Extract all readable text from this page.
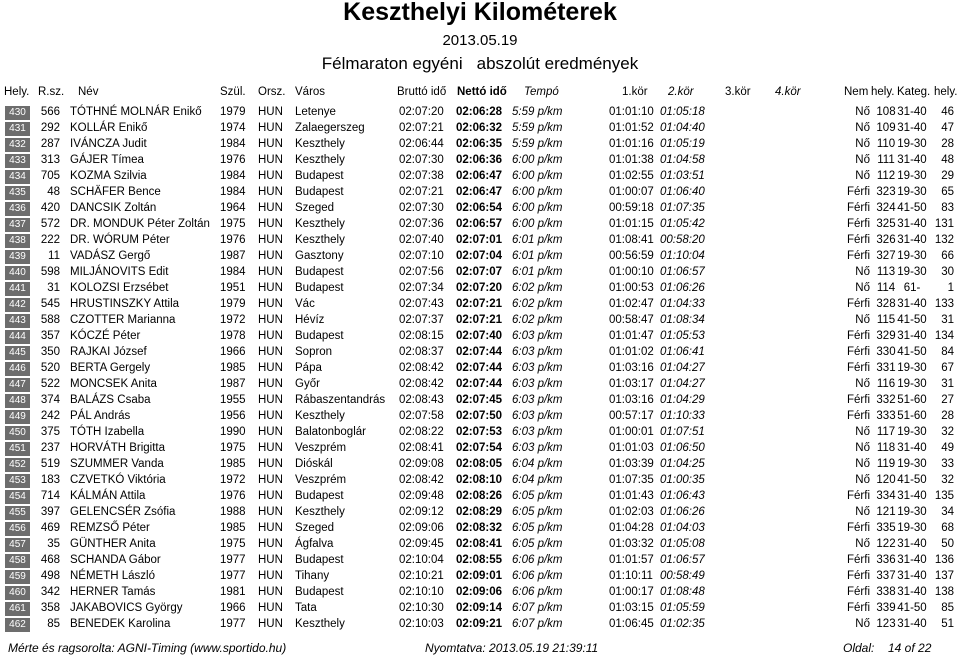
Keszthelyi Kilométerek
2013.05.19
Félmaraton egyéni abszolút eredmények
Hely. R.sz. Név	Szül. Orsz. Város	Bruttó idő Nettó idő Tempó	1.kör 2.kör	3.kör 4.kör	Nem hely. Kateg. hely.
430	566 TÓTHNÉ MOLNÁR Enikő	1979	HUN	Letenye	02:07:20	02:06:28 5:59 p/km	01:01:10 01:05:18	Nő 108 31-40	46
431	292 KOLLÁR Enikő	1974	HUN	Zalaegerszeg	02:07:21	02:06:32 5:59 p/km	01:01:52 01:04:40	Nő 109 31-40	47
432	287 IVÁNCZA Judit	1984	HUN	Keszthely	02:06:44	02:06:35 5:59 p/km	01:01:16 01:05:19	Nő 110 19-30	28
433	313 GÁJER Tímea	1976	HUN	Keszthely	02:07:30	02:06:36 6:00 p/km	01:01:38 01:04:58	Nő 111 31-40	48
434	705 KOZMA Szilvia	1984	HUN	Budapest	02:07:38	02:06:47 6:00 p/km	01:02:55 01:03:51	Nő 112 19-30	29
435	48 SCHÄFER Bence	1984	HUN	Budapest	02:07:21	02:06:47 6:00 p/km	01:00:07 01:06:40	Férfi 323 19-30	65
436	420 DANCSIK Zoltán	1964	HUN	Szeged	02:07:30	02:06:54 6:00 p/km	00:59:18 01:07:35	Férfi 324 41-50	83
437	572 DR. MONDUK Péter Zoltán 1975	HUN	Keszthely	02:07:36	02:06:57 6:00 p/km	01:01:15 01:05:42	Férfi 325 31-40 131
438	222 DR. WÓRUM Péter	1976	HUN	Keszthely	02:07:40	02:07:01 6:01 p/km	01:08:41 00:58:20	Férfi 326 31-40 132
439	11 VADÁSZ Gergő	1987	HUN	Gasztony	02:07:10	02:07:04 6:01 p/km	00:56:59 01:10:04	Férfi 327 19-30	66
440	598 MILJÁNOVITS Edit	1984	HUN	Budapest	02:07:56	02:07:07 6:01 p/km	01:00:10 01:06:57	Nő 113 19-30	30
441	31 KOLOZSI Erzsébet	1951	HUN	Budapest	02:07:34	02:07:20 6:02 p/km	01:00:53 01:06:26	Nő 114 61-	1
442	545 HRUSTINSZKY Attila	1979	HUN	Vác	02:07:43	02:07:21 6:02 p/km	01:02:47 01:04:33	Férfi 328 31-40 133
443	588 CZOTTER Marianna	1972	HUN	Hévíz	02:07:37	02:07:21 6:02 p/km	00:58:47 01:08:34	Nő 115 41-50	31
444	357 KÓCZÉ Péter	1978	HUN	Budapest	02:08:15	02:07:40 6:03 p/km	01:01:47 01:05:53	Férfi 329 31-40 134
445	350 RAJKAI József	1966	HUN	Sopron	02:08:37	02:07:44 6:03 p/km	01:01:02 01:06:41	Férfi 330 41-50	84
446	520 BERTA Gergely	1985	HUN	Pápa	02:08:42	02:07:44 6:03 p/km	01:03:16 01:04:27	Férfi 331 19-30	67
447	522 MONCSEK Anita	1987	HUN	Győr	02:08:42	02:07:44 6:03 p/km	01:03:17 01:04:27	Nő 116 19-30	31
448	374 BALÁZS Csaba	1955	HUN	Rábaszentandrás	02:08:43	02:07:45 6:03 p/km	01:03:16 01:04:29	Férfi 332 51-60	27
449	242 PÁL András	1956	HUN	Keszthely	02:07:58	02:07:50 6:03 p/km	00:57:17 01:10:33	Férfi 333 51-60	28
450	375 TÓTH Izabella	1990	HUN	Balatonboglár	02:08:22	02:07:53 6:03 p/km	01:00:01 01:07:51	Nő 117 19-30	32
451	237 HORVÁTH Brigitta	1975	HUN	Veszprém	02:08:41	02:07:54 6:03 p/km	01:01:03 01:06:50	Nő 118 31-40	49
452	519 SZUMMER Vanda	1985	HUN	Dióskál	02:09:08	02:08:05 6:04 p/km	01:03:39 01:04:25	Nő 119 19-30	33
453	183 CZVETKÓ Viktória	1972	HUN	Veszprém	02:08:42	02:08:10 6:04 p/km	01:07:35 01:00:35	Nő 120 41-50	32
454	714 KÁLMÁN Attila	1976	HUN	Budapest	02:09:48	02:08:26 6:05 p/km	01:01:43 01:06:43	Férfi 334 31-40 135
455	397 GELENCSÉR Zsófia	1988	HUN	Keszthely	02:09:12	02:08:29 6:05 p/km	01:02:03 01:06:26	Nő 121 19-30	34
456	469 REMZSŐ Péter	1985	HUN	Szeged	02:09:06	02:08:32 6:05 p/km	01:04:28 01:04:03	Férfi 335 19-30	68
457	35 GÜNTHER Anita	1975	HUN	Ágfalva	02:09:45	02:08:41 6:05 p/km	01:03:32 01:05:08	Nő 122 31-40	50
458	468 SCHANDA Gábor	1977	HUN	Budapest	02:10:04	02:08:55 6:06 p/km	01:01:57 01:06:57	Férfi 336 31-40 136
459	498 NÉMETH László	1977	HUN	Tihany	02:10:21	02:09:01 6:06 p/km	01:10:11 00:58:49	Férfi 337 31-40 137
460	342 HERNER Tamás	1981	HUN	Budapest	02:10:10	02:09:06 6:06 p/km	01:00:17 01:08:48	Férfi 338 31-40 138
461	358 JAKABOVICS György	1966	HUN	Tata	02:10:30	02:09:14 6:07 p/km	01:03:15 01:05:59	Férfi 339 41-50	85
462	85 BENEDEK Karolina	1977	HUN	Keszthely	02:10:03	02:09:21 6:07 p/km	01:06:45 01:02:35	Nő 123 31-40	51
Mérte és ragsorolta: AGNI-Timing (www.sportido.hu)	Nyomtatva: 2013.05.19 21:39:11	Oldal: 14 of 22
